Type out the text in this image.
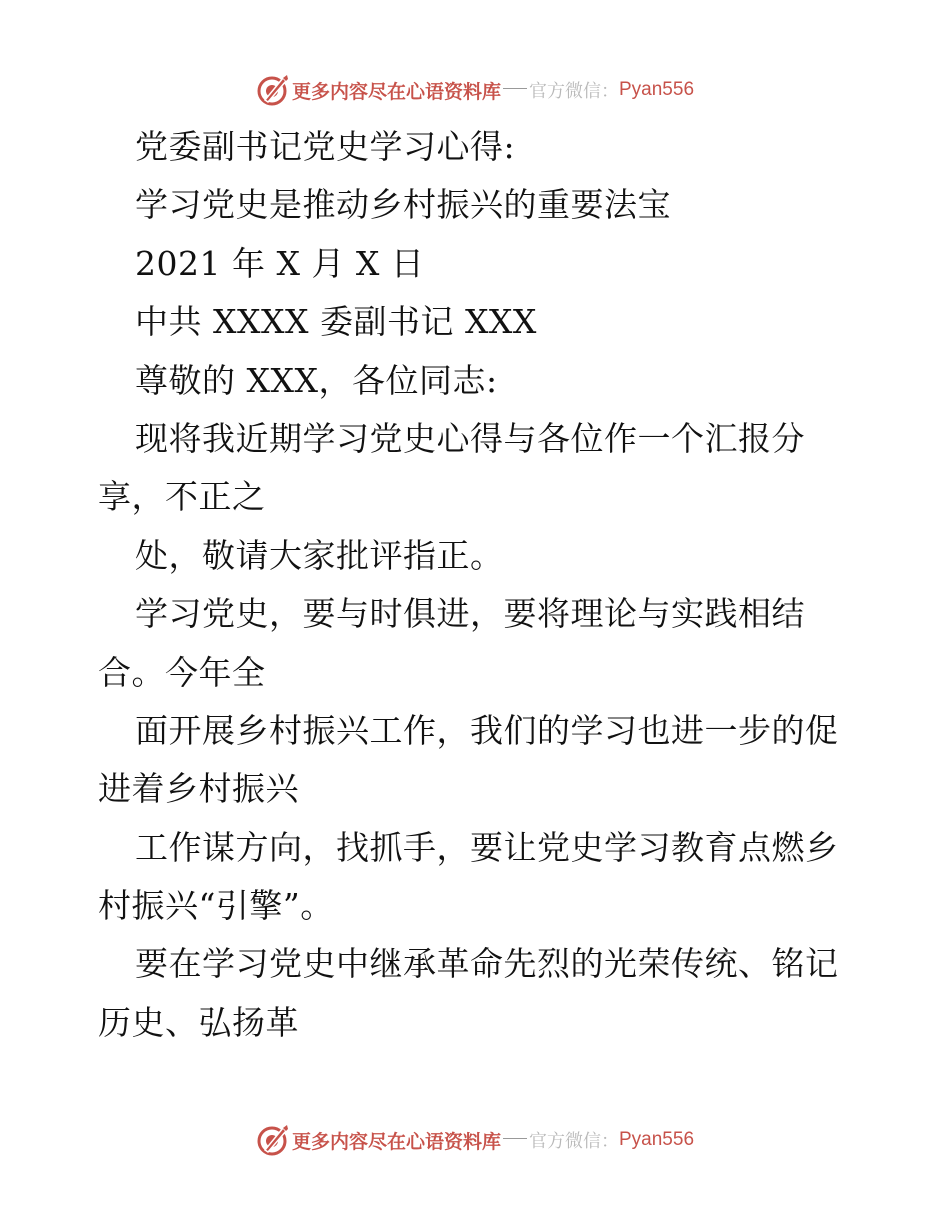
更多内容尽在心语资料库 官方微信： Pyan556
党委副书记党史学习心得:
学习党史是推动乡村振兴的重要法宝
2021 年 X 月 X 日
中共 XXXX 委副书记 XXX
尊敬的 XXX，各位同志:
现将我近期学习党史心得与各位作一个汇报分
享，不正之
处，敬请大家批评指正。
学习党史，要与时俱进，要将理论与实践相结
合。今年全
面开展乡村振兴工作，我们的学习也进一步的促
进着乡村振兴
工作谋方向，找抓手，要让党史学习教育点燃乡
村振兴“引擎”。
要在学习党史中继承革命先烈的光荣传统、铭记
历史、弘扬革
更多内容尽在心语资料库 官方微信： Pyan556
